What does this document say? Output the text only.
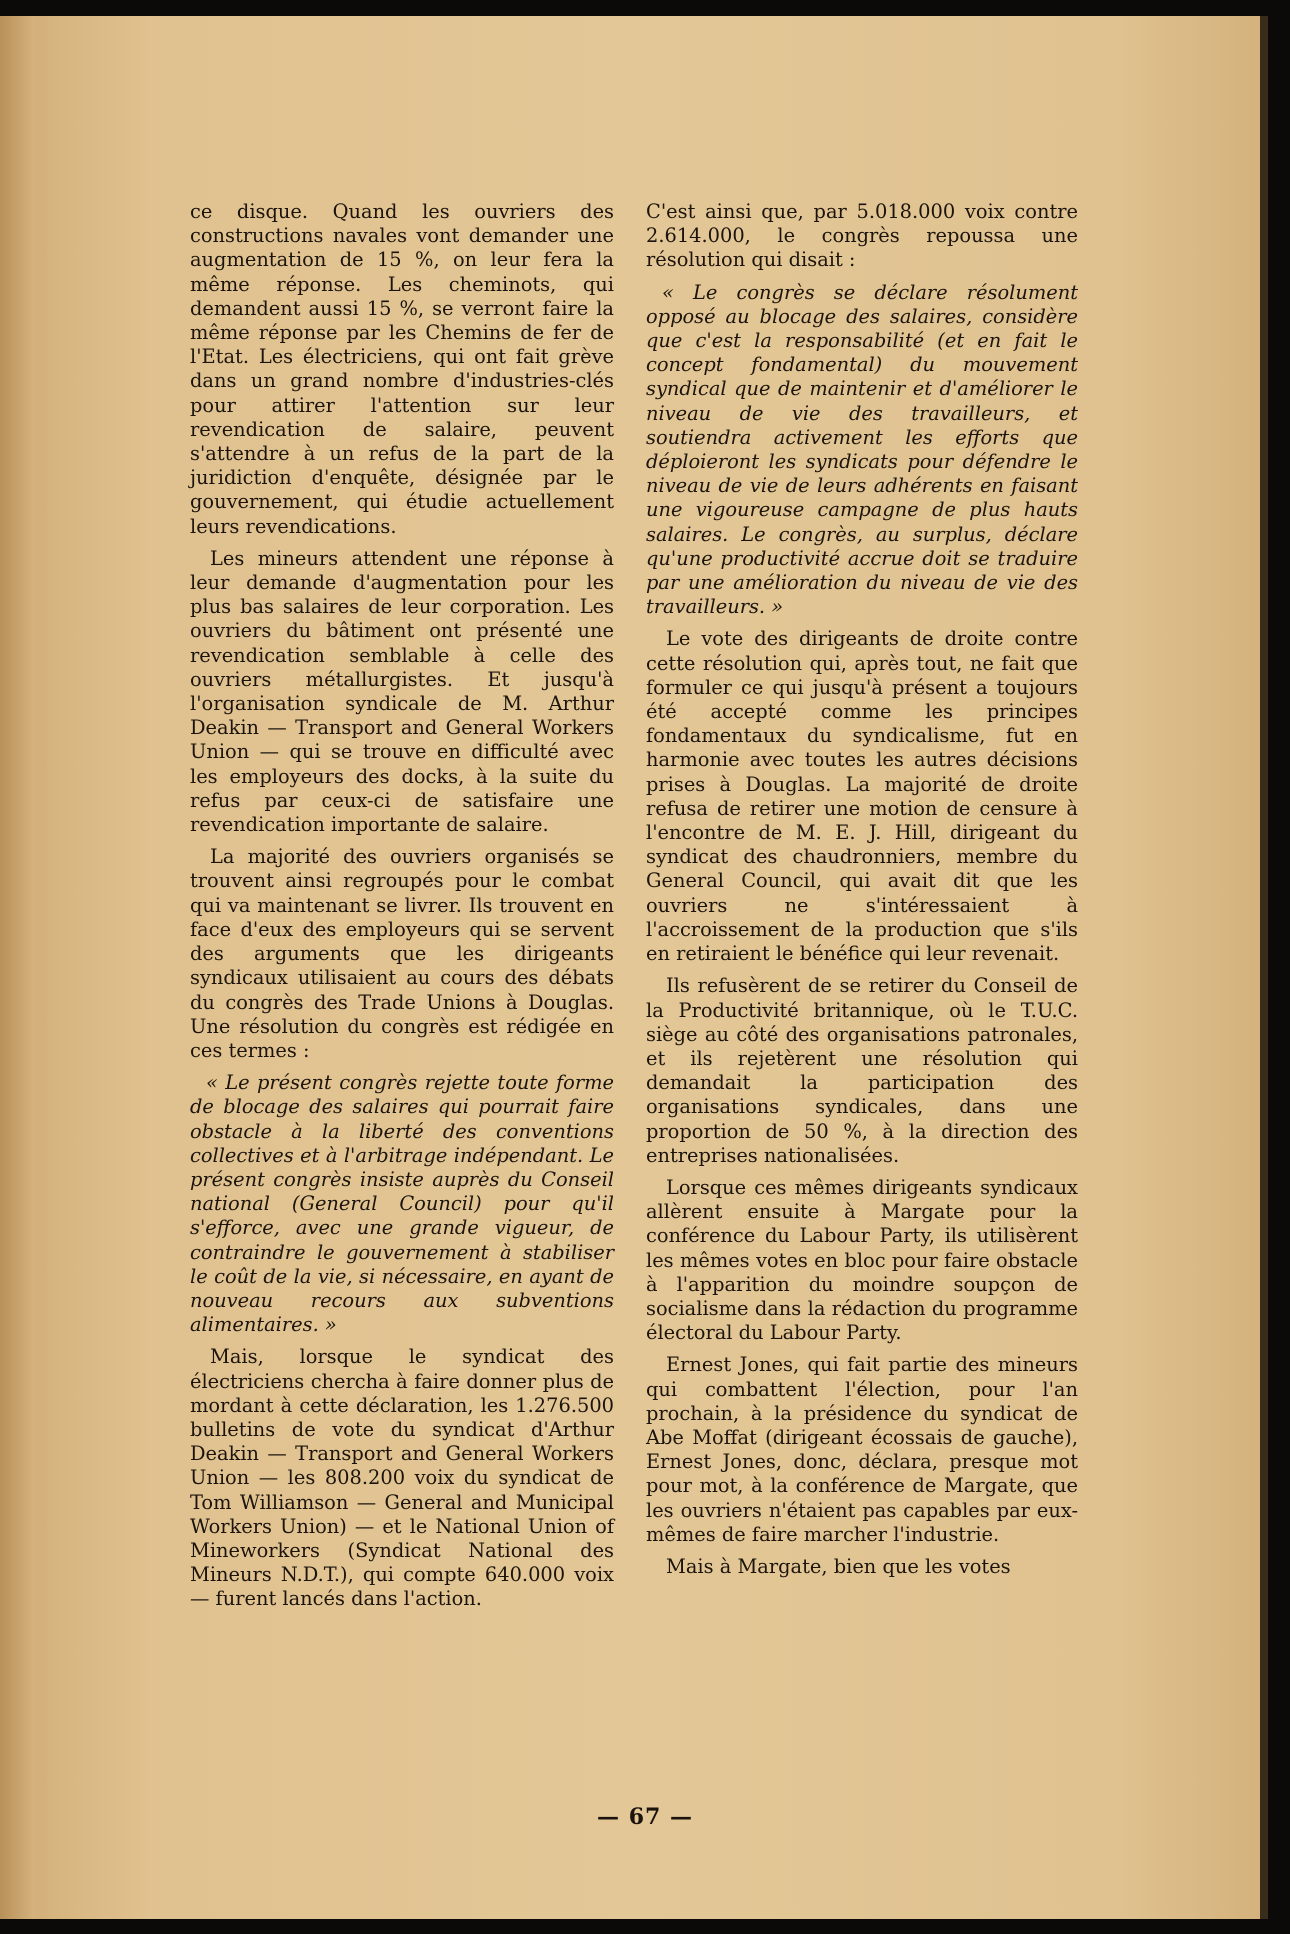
ce disque. Quand les ouvriers des constructions navales vont demander une augmentation de 15 %, on leur fera la même réponse. Les cheminots, qui demandent aussi 15 %, se verront faire la même réponse par les Chemins de fer de l'Etat. Les électriciens, qui ont fait grève dans un grand nombre d'industries-clés pour attirer l'attention sur leur revendication de salaire, peuvent s'attendre à un refus de la part de la juridiction d'enquête, désignée par le gouvernement, qui étudie actuellement leurs revendications.

Les mineurs attendent une réponse à leur demande d'augmentation pour les plus bas salaires de leur corporation. Les ouvriers du bâtiment ont présenté une revendication semblable à celle des ouvriers métallurgistes. Et jusqu'à l'organisation syndicale de M. Arthur Deakin — Transport and General Workers Union — qui se trouve en difficulté avec les employeurs des docks, à la suite du refus par ceux-ci de satisfaire une revendication importante de salaire.

La majorité des ouvriers organisés se trouvent ainsi regroupés pour le combat qui va maintenant se livrer. Ils trouvent en face d'eux des employeurs qui se servent des arguments que les dirigeants syndicaux utilisaient au cours des débats du congrès des Trade Unions à Douglas. Une résolution du congrès est rédigée en ces termes :

« Le présent congrès rejette toute forme de blocage des salaires qui pourrait faire obstacle à la liberté des conventions collectives et à l'arbitrage indépendant. Le présent congrès insiste auprès du Conseil national (General Council) pour qu'il s'efforce, avec une grande vigueur, de contraindre le gouvernement à stabiliser le coût de la vie, si nécessaire, en ayant de nouveau recours aux subventions alimentaires. »

Mais, lorsque le syndicat des électriciens chercha à faire donner plus de mordant à cette déclaration, les 1.276.500 bulletins de vote du syndicat d'Arthur Deakin — Transport and General Workers Union — les 808.200 voix du syndicat de Tom Williamson — General and Municipal Workers Union) — et le National Union of Mineworkers (Syndicat National des Mineurs N.D.T.), qui compte 640.000 voix — furent lancés dans l'action.

C'est ainsi que, par 5.018.000 voix contre 2.614.000, le congrès repoussa une résolution qui disait :

« Le congrès se déclare résolument opposé au blocage des salaires, considère que c'est la responsabilité (et en fait le concept fondamental) du mouvement syndical que de maintenir et d'améliorer le niveau de vie des travailleurs, et soutiendra activement les efforts que déploieront les syndicats pour défendre le niveau de vie de leurs adhérents en faisant une vigoureuse campagne de plus hauts salaires. Le congrès, au surplus, déclare qu'une productivité accrue doit se traduire par une amélioration du niveau de vie des travailleurs. »

Le vote des dirigeants de droite contre cette résolution qui, après tout, ne fait que formuler ce qui jusqu'à présent a toujours été accepté comme les principes fondamentaux du syndicalisme, fut en harmonie avec toutes les autres décisions prises à Douglas. La majorité de droite refusa de retirer une motion de censure à l'encontre de M. E. J. Hill, dirigeant du syndicat des chaudronniers, membre du General Council, qui avait dit que les ouvriers ne s'intéressaient à l'accroissement de la production que s'ils en retiraient le bénéfice qui leur revenait.

Ils refusèrent de se retirer du Conseil de la Productivité britannique, où le T.U.C. siège au côté des organisations patronales, et ils rejetèrent une résolution qui demandait la participation des organisations syndicales, dans une proportion de 50 %, à la direction des entreprises nationalisées.

Lorsque ces mêmes dirigeants syndicaux allèrent ensuite à Margate pour la conférence du Labour Party, ils utilisèrent les mêmes votes en bloc pour faire obstacle à l'apparition du moindre soupçon de socialisme dans la rédaction du programme électoral du Labour Party.

Ernest Jones, qui fait partie des mineurs qui combattent l'élection, pour l'an prochain, à la présidence du syndicat de Abe Moffat (dirigeant écossais de gauche), Ernest Jones, donc, déclara, presque mot pour mot, à la conférence de Margate, que les ouvriers n'étaient pas capables par eux-mêmes de faire marcher l'industrie.

Mais à Margate, bien que les votes

— 67 —
